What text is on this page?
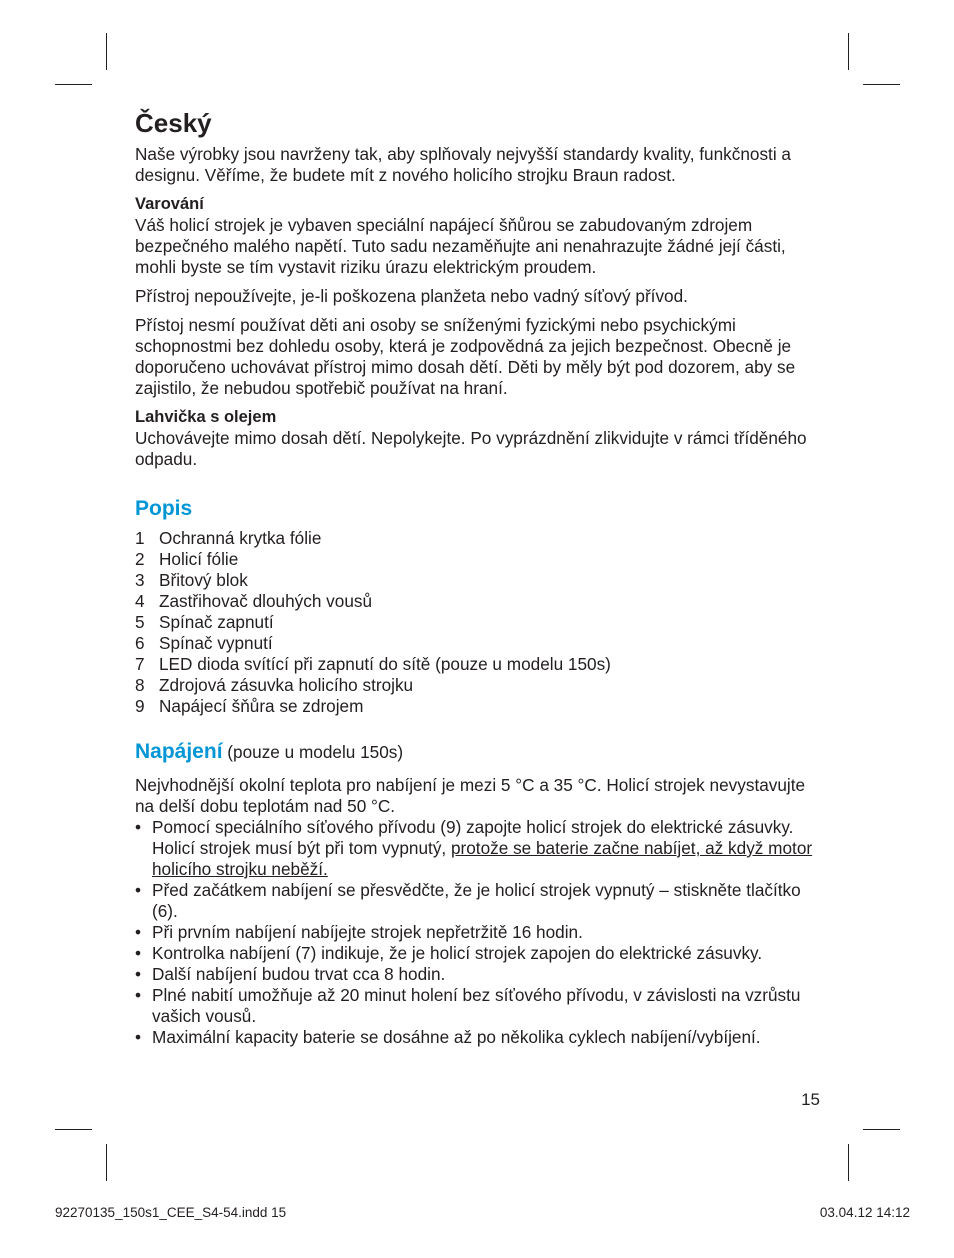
Český

Naše výrobky jsou navrženy tak, aby splňovaly nejvyšší standardy kvality, funkčnosti a designu. Věříme, že budete mít z nového holicího strojku Braun radost.

Varování

Váš holicí strojek je vybaven speciální napájecí šňůrou se zabudovaným zdrojem bezpečného malého napětí. Tuto sadu nezaměňujte ani nenahrazujte žádné její části, mohli byste se tím vystavit riziku úrazu elektrickým proudem.

Přístroj nepoužívejte, je-li poškozena planžeta nebo vadný síťový přívod.

Přístoj nesmí používat děti ani osoby se sníženými fyzickými nebo psychickými schopnostmi bez dohledu osoby, která je zodpovědná za jejich bezpečnost. Obecně je doporučeno uchovávat přístroj mimo dosah dětí. Děti by měly být pod dozorem, aby se zajistilo, že nebudou spotřebič používat na hraní.

Lahvička s olejem

Uchovávejte mimo dosah dětí. Nepolykejte. Po vyprázdnění zlikvidujte v rámci tříděného odpadu.

Popis
1 Ochranná krytka fólie
2 Holicí fólie
3 Břitový blok
4 Zastřihovač dlouhých vousů
5 Spínač zapnutí
6 Spínač vypnutí
7 LED dioda svítící při zapnutí do sítě (pouze u modelu 150s)
8 Zdrojová zásuvka holicího strojku
9 Napájecí šňůra se zdrojem
Napájení (pouze u modelu 150s)

Nejvhodnější okolní teplota pro nabíjení je mezi 5 °C a 35 °C. Holicí strojek nevystavujte na delší dobu teplotám nad 50 °C.

• Pomocí speciálního síťového přívodu (9) zapojte holicí strojek do elektrické zásuvky. Holicí strojek musí být při tom vypnutý, protože se baterie začne nabíjet, až když motor holicího strojku neběží.
• Před začátkem nabíjení se přesvědčte, že je holicí strojek vypnutý – stiskněte tlačítko (6).
• Při prvním nabíjení nabíjejte strojek nepřetržitě 16 hodin.
• Kontrolka nabíjení (7) indikuje, že je holicí strojek zapojen do elektrické zásuvky.
• Další nabíjení budou trvat cca 8 hodin.
• Plné nabití umožňuje až 20 minut holení bez síťového přívodu, v závislosti na vzrůstu vašich vousů.
• Maximální kapacity baterie se dosáhne až po několika cyklech nabíjení/vybíjení.
15
92270135_150s1_CEE_S4-54.indd 15	03.04.12 14:12
